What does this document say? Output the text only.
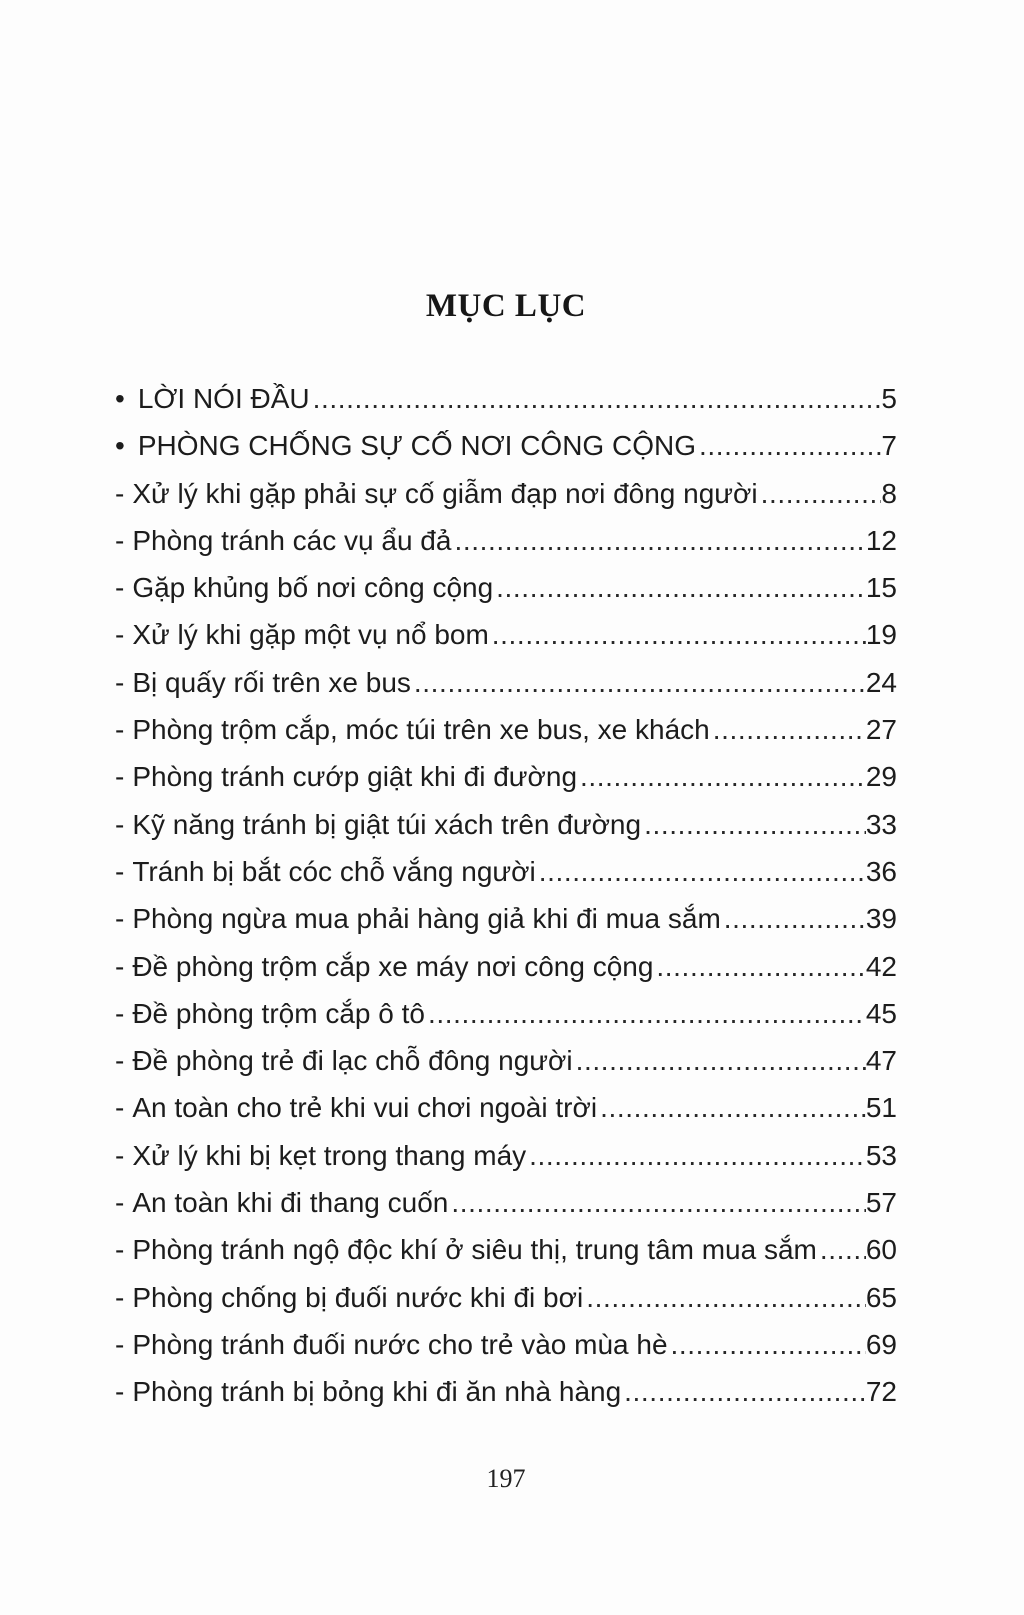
MỤC LỤC
• LỜI NÓI ĐẦU .....	5
• PHÒNG CHỐNG SỰ CỐ NƠI CÔNG CỘNG .....	7
- Xử lý khi gặp phải sự cố giẫm đạp nơi đông người .....	8
- Phòng tránh các vụ ẩu đả .....	12
- Gặp khủng bố nơi công cộng .....	15
- Xử lý khi gặp một vụ nổ bom .....	19
- Bị quấy rối trên xe bus .....	24
- Phòng trộm cắp, móc túi trên xe bus, xe khách .....	27
- Phòng tránh cướp giật khi đi đường .....	29
- Kỹ năng tránh bị giật túi xách trên đường .....	33
- Tránh bị bắt cóc chỗ vắng người .....	36
- Phòng ngừa mua phải hàng giả khi đi mua sắm .....	39
- Đề phòng trộm cắp xe máy nơi công cộng .....	42
- Đề phòng trộm cắp ô tô .....	45
- Đề phòng trẻ đi lạc chỗ đông người .....	47
- An toàn cho trẻ khi vui chơi ngoài trời .....	51
- Xử lý khi bị kẹt trong thang máy .....	53
- An toàn khi đi thang cuốn .....	57
- Phòng tránh ngộ độc khí ở siêu thị, trung tâm mua sắm ..... 60
- Phòng chống bị đuối nước khi đi bơi .....	65
- Phòng tránh đuối nước cho trẻ vào mùa hè .....	69
- Phòng tránh bị bỏng khi đi ăn nhà hàng .....	72
197
